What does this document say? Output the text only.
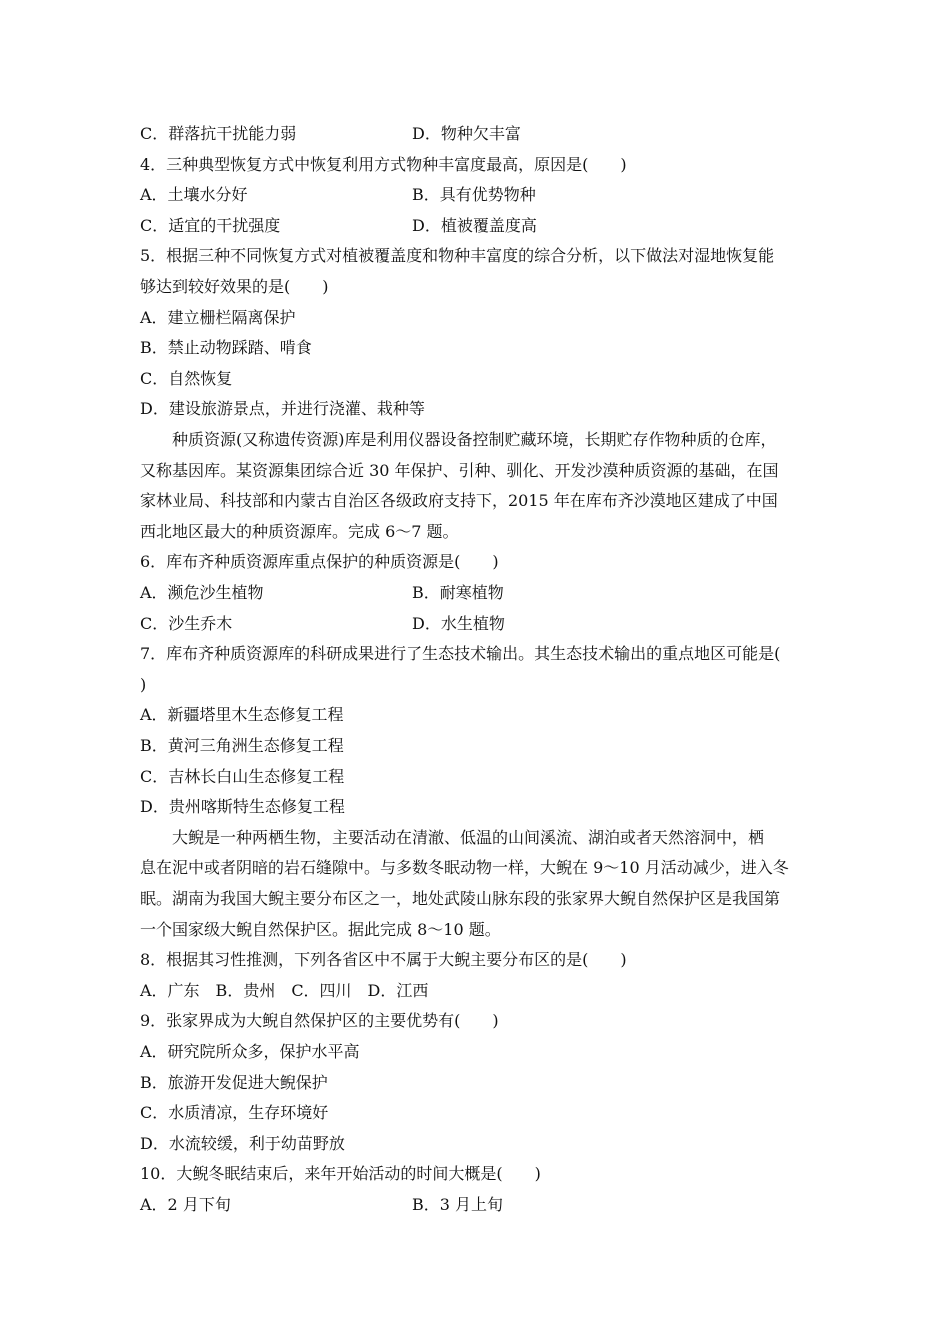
C．群落抗干扰能力弱	D．物种欠丰富
4．三种典型恢复方式中恢复利用方式物种丰富度最高，原因是(　　)
A．土壤水分好	B．具有优势物种
C．适宜的干扰强度	D．植被覆盖度高
5．根据三种不同恢复方式对植被覆盖度和物种丰富度的综合分析，以下做法对湿地恢复能
够达到较好效果的是(　　)
A．建立栅栏隔离保护
B．禁止动物踩踏、啃食
C．自然恢复
D．建设旅游景点，并进行浇灌、栽种等
　　种质资源(又称遗传资源)库是利用仪器设备控制贮藏环境，长期贮存作物种质的仓库，
又称基因库。某资源集团综合近 30 年保护、引种、驯化、开发沙漠种质资源的基础，在国
家林业局、科技部和内蒙古自治区各级政府支持下，2015 年在库布齐沙漠地区建成了中国
西北地区最大的种质资源库。完成 6～7 题。
6．库布齐种质资源库重点保护的种质资源是(　　)
A．濒危沙生植物	B．耐寒植物
C．沙生乔木	D．水生植物
7．库布齐种质资源库的科研成果进行了生态技术输出。其生态技术输出的重点地区可能是(
)
A．新疆塔里木生态修复工程
B．黄河三角洲生态修复工程
C．吉林长白山生态修复工程
D．贵州喀斯特生态修复工程
　　大鲵是一种两栖生物，主要活动在清澈、低温的山间溪流、湖泊或者天然溶洞中，栖
息在泥中或者阴暗的岩石缝隙中。与多数冬眠动物一样，大鲵在 9～10 月活动减少，进入冬
眠。湖南为我国大鲵主要分布区之一，地处武陵山脉东段的张家界大鲵自然保护区是我国第
一个国家级大鲵自然保护区。据此完成 8～10 题。
8．根据其习性推测，下列各省区中不属于大鲵主要分布区的是(　　)
A．广东　B．贵州　C．四川　D．江西
9．张家界成为大鲵自然保护区的主要优势有(　　)
A．研究院所众多，保护水平高
B．旅游开发促进大鲵保护
C．水质清凉，生存环境好
D．水流较缓，利于幼苗野放
10．大鲵冬眠结束后，来年开始活动的时间大概是(　　)
A．2 月下旬	B．3 月上旬
